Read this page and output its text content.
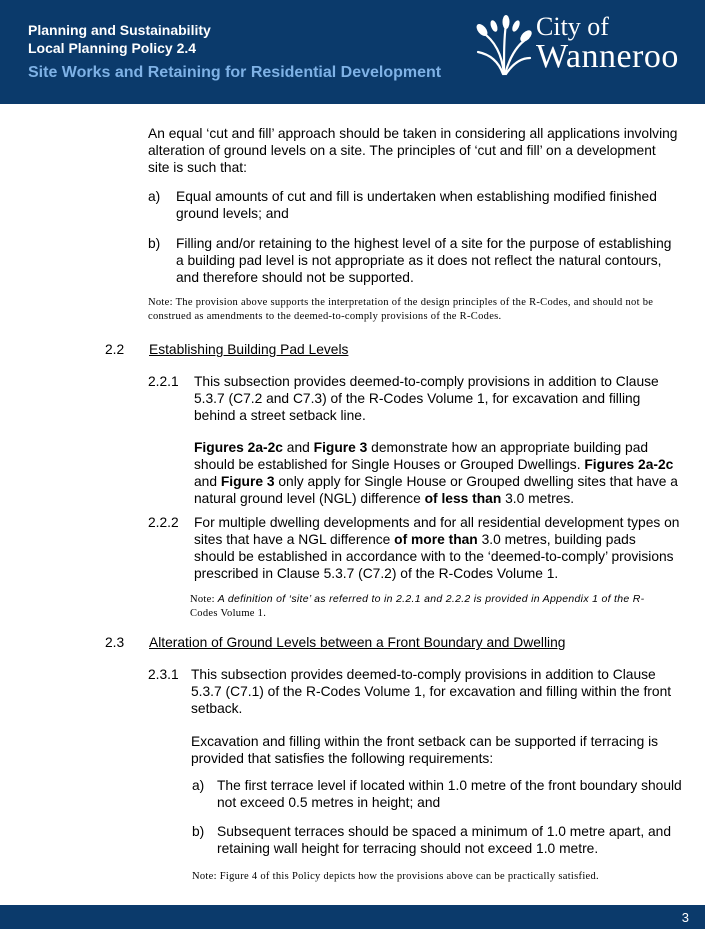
Planning and Sustainability
Local Planning Policy 2.4
Site Works and Retaining for Residential Development
City of
Wanneroo

An equal ‘cut and fill’ approach should be taken in considering all applications involving alteration of ground levels on a site. The principles of ‘cut and fill’ on a development site is such that:

a) Equal amounts of cut and fill is undertaken when establishing modified finished ground levels; and
b) Filling and/or retaining to the highest level of a site for the purpose of establishing a building pad level is not appropriate as it does not reflect the natural contours, and therefore should not be supported.

Note: The provision above supports the interpretation of the design principles of the R-Codes, and should not be construed as amendments to the deemed-to-comply provisions of the R-Codes.

2.2 Establishing Building Pad Levels
2.2.1 This subsection provides deemed-to-comply provisions in addition to Clause 5.3.7 (C7.2 and C7.3) of the R-Codes Volume 1, for excavation and filling behind a street setback line.
Figures 2a-2c and Figure 3 demonstrate how an appropriate building pad should be established for Single Houses or Grouped Dwellings. Figures 2a-2c and Figure 3 only apply for Single House or Grouped dwelling sites that have a natural ground level (NGL) difference of less than 3.0 metres.
2.2.2 For multiple dwelling developments and for all residential development types on sites that have a NGL difference of more than 3.0 metres, building pads should be established in accordance with to the ‘deemed-to-comply’ provisions prescribed in Clause 5.3.7 (C7.2) of the R-Codes Volume 1.

Note: A definition of ‘site’ as referred to in 2.2.1 and 2.2.2 is provided in Appendix 1 of the R-
Codes Volume 1.

2.3 Alteration of Ground Levels between a Front Boundary and Dwelling
2.3.1 This subsection provides deemed-to-comply provisions in addition to Clause 5.3.7 (C7.1) of the R-Codes Volume 1, for excavation and filling within the front setback.
Excavation and filling within the front setback can be supported if terracing is provided that satisfies the following requirements:
a) The first terrace level if located within 1.0 metre of the front boundary should not exceed 0.5 metres in height; and
b) Subsequent terraces should be spaced a minimum of 1.0 metre apart, and retaining wall height for terracing should not exceed 1.0 metre.

Note: Figure 4 of this Policy depicts how the provisions above can be practically satisfied.

3
